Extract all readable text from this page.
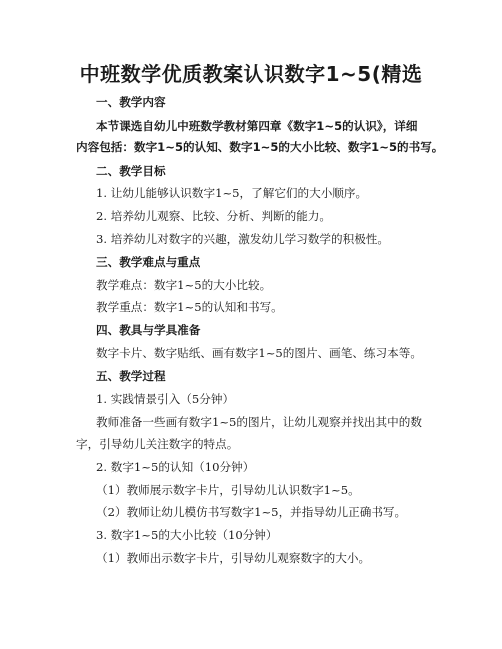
中班数学优质教案认识数字1~5(精选
一、教学内容
本节课选自幼儿中班数学教材第四章《数字1~5的认识》，详细
内容包括：数字1~5的认知、数字1~5的大小比较、数字1~5的书写。
二、教学目标
1. 让幼儿能够认识数字1~5，了解它们的大小顺序。
2. 培养幼儿观察、比较、分析、判断的能力。
3. 培养幼儿对数字的兴趣，激发幼儿学习数学的积极性。
三、教学难点与重点
教学难点：数字1~5的大小比较。
教学重点：数字1~5的认知和书写。
四、教具与学具准备
数字卡片、数字贴纸、画有数字1~5的图片、画笔、练习本等。
五、教学过程
1. 实践情景引入（5分钟）
教师准备一些画有数字1~5的图片，让幼儿观察并找出其中的数
字，引导幼儿关注数字的特点。
2. 数字1~5的认知（10分钟）
（1）教师展示数字卡片，引导幼儿认识数字1~5。
（2）教师让幼儿模仿书写数字1~5，并指导幼儿正确书写。
3. 数字1~5的大小比较（10分钟）
（1）教师出示数字卡片，引导幼儿观察数字的大小。
